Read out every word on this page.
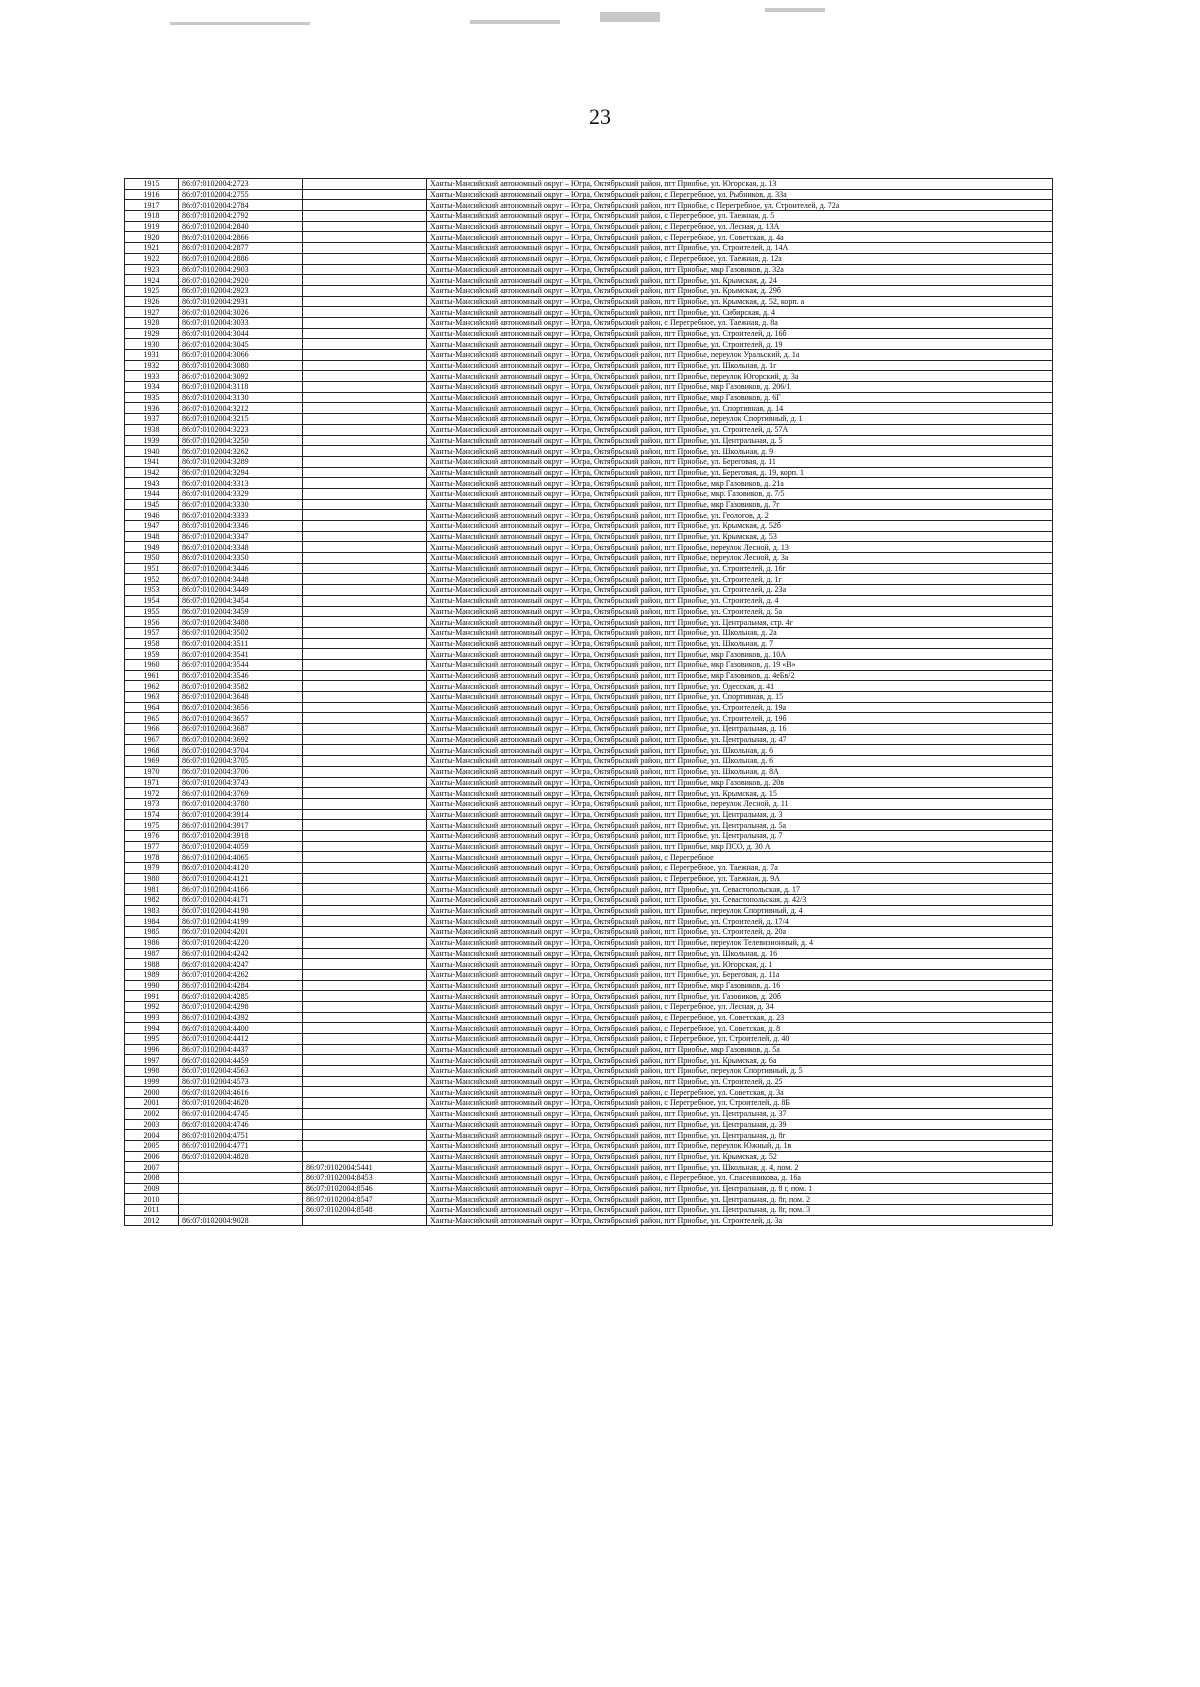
23
1915	86:07:0102004:2723		Ханты-Мансийский автономный округ – Югра, Октябрьский район, пгт Приобье, ул. Югорская, д. 13
1916	86:07:0102004:2755		Ханты-Мансийский автономный округ – Югра, Октябрьский район, с Перегребное, ул. Рыбников, д. 33а
1917	86:07:0102004:2784		Ханты-Мансийский автономный округ – Югра, Октябрьский район, пгт Приобье, с Перегребное, ул. Строителей, д. 72а
1918	86:07:0102004:2792		Ханты-Мансийский автономный округ – Югра, Октябрьский район, с Перегребное, ул. Таежная, д. 5
1919	86:07:0102004:2840		Ханты-Мансийский автономный округ – Югра, Октябрьский район, с Перегребное, ул. Лесная, д. 13А
1920	86:07:0102004:2866		Ханты-Мансийский автономный округ – Югра, Октябрьский район, с Перегребное, ул. Советская, д. 4а
1921	86:07:0102004:2877		Ханты-Мансийский автономный округ – Югра, Октябрьский район, пгт Приобье, ул. Строителей, д. 14А
1922	86:07:0102004:2886		Ханты-Мансийский автономный округ – Югра, Октябрьский район, с Перегребное, ул. Таежная, д. 12а
1923	86:07:0102004:2903		Ханты-Мансийский автономный округ – Югра, Октябрьский район, пгт Приобье, мкр Газовиков, д. 32а
1924	86:07:0102004:2920		Ханты-Мансийский автономный округ – Югра, Октябрьский район, пгт Приобье, ул. Крымская, д. 24
1925	86:07:0102004:2923		Ханты-Мансийский автономный округ – Югра, Октябрьский район, пгт Приобье, ул. Крымская, д. 29б
1926	86:07:0102004:2931		Ханты-Мансийский автономный округ – Югра, Октябрьский район, пгт Приобье, ул. Крымская, д. 52, корп. а
1927	86:07:0102004:3026		Ханты-Мансийский автономный округ – Югра, Октябрьский район, пгт Приобье, ул. Сибирская, д. 4
1928	86:07:0102004:3033		Ханты-Мансийский автономный округ – Югра, Октябрьский район, с Перегребное, ул. Таежная, д. 8а
1929	86:07:0102004:3044		Ханты-Мансийский автономный округ – Югра, Октябрьский район, пгт Приобье, ул. Строителей, д. 16б
1930	86:07:0102004:3045		Ханты-Мансийский автономный округ – Югра, Октябрьский район, пгт Приобье, ул. Строителей, д. 19
1931	86:07:0102004:3066		Ханты-Мансийский автономный округ – Югра, Октябрьский район, пгт Приобье, переулок Уральский, д. 1а
1932	86:07:0102004:3080		Ханты-Мансийский автономный округ – Югра, Октябрьский район, пгт Приобье, ул. Школьная, д. 1г
1933	86:07:0102004:3092		Ханты-Мансийский автономный округ – Югра, Октябрьский район, пгт Приобье, переулок Югорский, д. 3а
1934	86:07:0102004:3118		Ханты-Мансийский автономный округ – Югра, Октябрьский район, пгт Приобье, мкр Газовиков, д. 206/1
1935	86:07:0102004:3130		Ханты-Мансийский автономный округ – Югра, Октябрьский район, пгт Приобье, мкр Газовиков, д. 6Г
1936	86:07:0102004:3212		Ханты-Мансийский автономный округ – Югра, Октябрьский район, пгт Приобье, ул. Спортивная, д. 14
1937	86:07:0102004:3215		Ханты-Мансийский автономный округ – Югра, Октябрьский район, пгт Приобье, переулок Спортивный, д. 1
1938	86:07:0102004:3223		Ханты-Мансийский автономный округ – Югра, Октябрьский район, пгт Приобье, ул. Строителей, д. 57А
1939	86:07:0102004:3250		Ханты-Мансийский автономный округ – Югра, Октябрьский район, пгт Приобье, ул. Центральная, д. 5
1940	86:07:0102004:3262		Ханты-Мансийский автономный округ – Югра, Октябрьский район, пгт Приобье, ул. Школьная, д. 9
1941	86:07:0102004:3289		Ханты-Мансийский автономный округ – Югра, Октябрьский район, пгт Приобье, ул. Береговая, д. 11
1942	86:07:0102004:3294		Ханты-Мансийский автономный округ – Югра, Октябрьский район, пгт Приобье, ул. Береговая, д. 19, корп. 1
1943	86:07:0102004:3313		Ханты-Мансийский автономный округ – Югра, Октябрьский район, пгт Приобье, мкр Газовиков, д. 21а
1944	86:07:0102004:3329		Ханты-Мансийский автономный округ – Югра, Октябрьский район, пгт Приобье, мкр. Газовиков, д. 7/5
1945	86:07:0102004:3330		Ханты-Мансийский автономный округ – Югра, Октябрьский район, пгт Приобье, мкр Газовиков, д. 7г
1946	86:07:0102004:3333		Ханты-Мансийский автономный округ – Югра, Октябрьский район, пгт Приобье, ул. Геологов, д. 2
1947	86:07:0102004:3346		Ханты-Мансийский автономный округ – Югра, Октябрьский район, пгт Приобье, ул. Крымская, д. 52б
1948	86:07:0102004:3347		Ханты-Мансийский автономный округ – Югра, Октябрьский район, пгт Приобье, ул. Крымская, д. 53
1949	86:07:0102004:3348		Ханты-Мансийский автономный округ – Югра, Октябрьский район, пгт Приобье, переулок Лесной, д. 13
1950	86:07:0102004:3350		Ханты-Мансийский автономный округ – Югра, Октябрьский район, пгт Приобье, переулок Лесной, д. 3а
1951	86:07:0102004:3446		Ханты-Мансийский автономный округ – Югра, Октябрьский район, пгт Приобье, ул. Строителей, д. 16г
1952	86:07:0102004:3448		Ханты-Мансийский автономный округ – Югра, Октябрьский район, пгт Приобье, ул. Строителей, д. 1г
1953	86:07:0102004:3449		Ханты-Мансийский автономный округ – Югра, Октябрьский район, пгт Приобье, ул. Строителей, д. 23а
1954	86:07:0102004:3454		Ханты-Мансийский автономный округ – Югра, Октябрьский район, пгт Приобье, ул. Строителей, д. 4
1955	86:07:0102004:3459		Ханты-Мансийский автономный округ – Югра, Октябрьский район, пгт Приобье, ул. Строителей, д. 5а
1956	86:07:0102004:3488		Ханты-Мансийский автономный округ – Югра, Октябрьский район, пгт Приобье, ул. Центральная, стр. 4г
1957	86:07:0102004:3502		Ханты-Мансийский автономный округ – Югра, Октябрьский район, пгт Приобье, ул. Школьная, д. 2а
1958	86:07:0102004:3511		Ханты-Мансийский автономный округ – Югра, Октябрьский район, пгт Приобье, ул. Школьная, д. 7
1959	86:07:0102004:3541		Ханты-Мансийский автономный округ – Югра, Октябрьский район, пгт Приобье, мкр Газовиков, д. 10А
1960	86:07:0102004:3544		Ханты-Мансийский автономный округ – Югра, Октябрьский район, пгт Приобье, мкр Газовиков, д. 19 «В»
1961	86:07:0102004:3546		Ханты-Мансийский автономный округ – Югра, Октябрьский район, пгт Приобье, мкр Газовиков, д. 4еБв/2
1962	86:07:0102004:3582		Ханты-Мансийский автономный округ – Югра, Октябрьский район, пгт Приобье, ул. Одесская, д. 41
1963	86:07:0102004:3648		Ханты-Мансийский автономный округ – Югра, Октябрьский район, пгт Приобье, ул. Спортивная, д. 15
1964	86:07:0102004:3656		Ханты-Мансийский автономный округ – Югра, Октябрьский район, пгт Приобье, ул. Строителей, д. 19а
1965	86:07:0102004:3657		Ханты-Мансийский автономный округ – Югра, Октябрьский район, пгт Приобье, ул. Строителей, д. 19б
1966	86:07:0102004:3687		Ханты-Мансийский автономный округ – Югра, Октябрьский район, пгт Приобье, ул. Центральная, д. 16
1967	86:07:0102004:3692		Ханты-Мансийский автономный округ – Югра, Октябрьский район, пгт Приобье, ул. Центральная, д. 47
1968	86:07:0102004:3704		Ханты-Мансийский автономный округ – Югра, Октябрьский район, пгт Приобье, ул. Школьная, д. 6
1969	86:07:0102004:3705		Ханты-Мансийский автономный округ – Югра, Октябрьский район, пгт Приобье, ул. Школьная, д. 6
1970	86:07:0102004:3706		Ханты-Мансийский автономный округ – Югра, Октябрьский район, пгт Приобье, ул. Школьная, д. 8А
1971	86:07:0102004:3743		Ханты-Мансийский автономный округ – Югра, Октябрьский район, пгт Приобье, мкр Газовиков, д. 20в
1972	86:07:0102004:3769		Ханты-Мансийский автономный округ – Югра, Октябрьский район, пгт Приобье, ул. Крымская, д. 15
1973	86:07:0102004:3780		Ханты-Мансийский автономный округ – Югра, Октябрьский район, пгт Приобье, переулок Лесной, д. 11
1974	86:07:0102004:3914		Ханты-Мансийский автономный округ – Югра, Октябрьский район, пгт Приобье, ул. Центральная, д. 3
1975	86:07:0102004:3917		Ханты-Мансийский автономный округ – Югра, Октябрьский район, пгт Приобье, ул. Центральная, д. 5а
1976	86:07:0102004:3918		Ханты-Мансийский автономный округ – Югра, Октябрьский район, пгт Приобье, ул. Центральная, д. 7
1977	86:07:0102004:4059		Ханты-Мансийский автономный округ – Югра, Октябрьский район, пгт Приобье, мкр ПСО, д. 30 А
1978	86:07:0102004:4065		Ханты-Мансийский автономный округ – Югра, Октябрьский район, с Перегребное
1979	86:07:0102004:4120		Ханты-Мансийский автономный округ – Югра, Октябрьский район, с Перегребное, ул. Таежная, д. 7а
1980	86:07:0102004:4121		Ханты-Мансийский автономный округ – Югра, Октябрьский район, с Перегребное, ул. Таежная, д. 9А
1981	86:07:0102004:4166		Ханты-Мансийский автономный округ – Югра, Октябрьский район, пгт Приобье, ул. Севастопольская, д. 17
1982	86:07:0102004:4171		Ханты-Мансийский автономный округ – Югра, Октябрьский район, пгт Приобье, ул. Севастопольская, д. 42/3
1983	86:07:0102004:4198		Ханты-Мансийский автономный округ – Югра, Октябрьский район, пгт Приобье, переулок Спортивный, д. 4
1984	86:07:0102004:4199		Ханты-Мансийский автономный округ – Югра, Октябрьский район, пгт Приобье, ул. Строителей, д. 17/4
1985	86:07:0102004:4201		Ханты-Мансийский автономный округ – Югра, Октябрьский район, пгт Приобье, ул. Строителей, д. 20а
1986	86:07:0102004:4220		Ханты-Мансийский автономный округ – Югра, Октябрьский район, пгт Приобье, переулок Телевизионный, д. 4
1987	86:07:0102004:4242		Ханты-Мансийский автономный округ – Югра, Октябрьский район, пгт Приобье, ул. Школьная, д. 16
1988	86:07:0102004:4247		Ханты-Мансийский автономный округ – Югра, Октябрьский район, пгт Приобье, ул. Югорская, д. 1
1989	86:07:0102004:4262		Ханты-Мансийский автономный округ – Югра, Октябрьский район, пгт Приобье, ул. Береговая, д. 11а
1990	86:07:0102004:4284		Ханты-Мансийский автономный округ – Югра, Октябрьский район, пгт Приобье, мкр Газовиков, д. 16
1991	86:07:0102004:4285		Ханты-Мансийский автономный округ – Югра, Октябрьский район, пгт Приобье, ул. Газовиков, д. 20б
1992	86:07:0102004:4298		Ханты-Мансийский автономный округ – Югра, Октябрьский район, с Перегребное, ул. Лесная, д. 34
1993	86:07:0102004:4392		Ханты-Мансийский автономный округ – Югра, Октябрьский район, с Перегребное, ул. Советская, д. 23
1994	86:07:0102004:4400		Ханты-Мансийский автономный округ – Югра, Октябрьский район, с Перегребное, ул. Советская, д. 8
1995	86:07:0102004:4412		Ханты-Мансийский автономный округ – Югра, Октябрьский район, с Перегребное, ул. Строителей, д. 40
1996	86:07:0102004:4437		Ханты-Мансийский автономный округ – Югра, Октябрьский район, пгт Приобье, мкр Газовиков, д. 5а
1997	86:07:0102004:4459		Ханты-Мансийский автономный округ – Югра, Октябрьский район, пгт Приобье, ул. Крымская, д. 6а
1998	86:07:0102004:4563		Ханты-Мансийский автономный округ – Югра, Октябрьский район, пгт Приобье, переулок Спортивный, д. 5
1999	86:07:0102004:4573		Ханты-Мансийский автономный округ – Югра, Октябрьский район, пгт Приобье, ул. Строителей, д. 25
2000	86:07:0102004:4616		Ханты-Мансийский автономный округ – Югра, Октябрьский район, с Перегребное, ул. Советская, д. 3а
2001	86:07:0102004:4628		Ханты-Мансийский автономный округ – Югра, Октябрьский район, с Перегребное, ул. Строителей, д. 8Б
2002	86:07:0102004:4745		Ханты-Мансийский автономный округ – Югра, Октябрьский район, пгт Приобье, ул. Центральная, д. 37
2003	86:07:0102004:4746		Ханты-Мансийский автономный округ – Югра, Октябрьский район, пгт Приобье, ул. Центральная, д. 39
2004	86:07:0102004:4751		Ханты-Мансийский автономный округ – Югра, Октябрьский район, пгт Приобье, ул. Центральная, д. 8г
2005	86:07:0102004:4771		Ханты-Мансийский автономный округ – Югра, Октябрьский район, пгт Приобье, переулок Южный, д. 1в
2006	86:07:0102004:4828		Ханты-Мансийский автономный округ – Югра, Октябрьский район, пгт Приобье, ул. Крымская, д. 52
2007		86:07:0102004:5441	Ханты-Мансийский автономный округ – Югра, Октябрьский район, пгт Приобье, ул. Школьная, д. 4, пом. 2
2008		86:07:0102004:8453	Ханты-Мансийский автономный округ – Югра, Октябрьский район, с Перегребное, ул. Спасенникова, д. 16а
2009		86:07:0102004:8546	Ханты-Мансийский автономный округ – Югра, Октябрьский район, пгт Приобье, ул. Центральная, д. 8 г, пом. 1
2010		86:07:0102004:8547	Ханты-Мансийский автономный округ – Югра, Октябрьский район, пгт Приобье, ул. Центральная, д. 8г, пом. 2
2011		86:07:0102004:8548	Ханты-Мансийский автономный округ – Югра, Октябрьский район, пгт Приобье, ул. Центральная, д. 8г, пом. 3
2012	86:07:0102004:9028		Ханты-Мансийский автономный округ – Югра, Октябрьский район, пгт Приобье, ул. Строителей, д. 3а
